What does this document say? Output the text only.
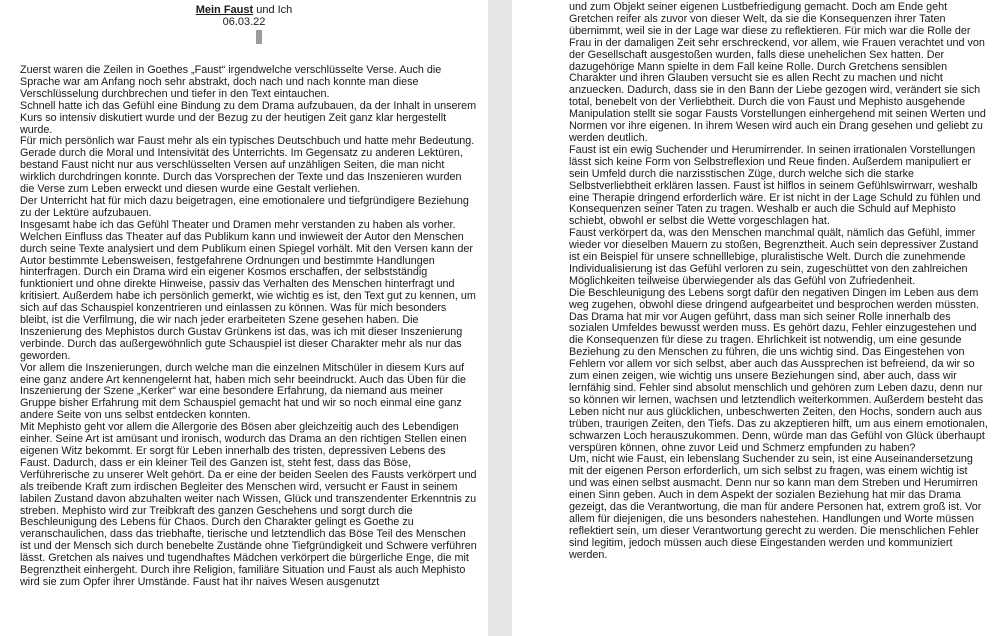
Mein Faust und Ich
06.03.22

Zuerst waren die Zeilen in Goethes „Faust“ irgendwelche verschlüsselte Verse. Auch die Sprache war am Anfang noch sehr abstrakt, doch nach und nach konnte man diese Verschlüsselung durchbrechen und tiefer in den Text eintauchen.

Schnell hatte ich das Gefühl eine Bindung zu dem Drama aufzubauen, da der Inhalt in unserem Kurs so intensiv diskutiert wurde und der Bezug zu der heutigen Zeit ganz klar hergestellt wurde.

Für mich persönlich war Faust mehr als ein typisches Deutschbuch und hatte mehr Bedeutung. Gerade durch die Moral und Intensivität des Unterrichts. Im Gegensatz zu anderen Lektüren, bestand Faust nicht nur aus verschlüsselten Versen auf unzähligen Seiten, die man nicht wirklich durchdringen konnte. Durch das Vorsprechen der Texte und das Inszenieren wurden die Verse zum Leben erweckt und diesen wurde eine Gestalt verliehen.

Der Unterricht hat für mich dazu beigetragen, eine emotionalere und tiefgründigere Beziehung zu der Lektüre aufzubauen.

Insgesamt habe ich das Gefühl Theater und Dramen mehr verstanden zu haben als vorher. Welchen Einfluss das Theater auf das Publikum kann und inwieweit der Autor den Menschen durch seine Texte analysiert und dem Publikum einen Spiegel vorhält. Mit den Versen kann der Autor bestimmte Lebensweisen, festgefahrene Ordnungen und bestimmte Handlungen hinterfragen. Durch ein Drama wird ein eigener Kosmos erschaffen, der selbstständig funktioniert und ohne direkte Hinweise, passiv das Verhalten des Menschen hinterfragt und kritisiert. Außerdem habe ich persönlich gemerkt, wie wichtig es ist, den Text gut zu kennen, um sich auf das Schauspiel konzentrieren und einlassen zu können. Was für mich besonders bleibt, ist die Verfilmung, die wir nach jeder erarbeiteten Szene gesehen haben. Die Inszenierung des Mephistos durch Gustav Grünkens ist das, was ich mit dieser Inszenierung verbinde. Durch das außergewöhnlich gute Schauspiel ist dieser Charakter mehr als nur das geworden.

Vor allem die Inszenierungen, durch welche man die einzelnen Mitschüler in diesem Kurs auf eine ganz andere Art kennengelernt hat, haben mich sehr beeindruckt. Auch das Üben für die Inszenierung der Szene „Kerker“ war eine besondere Erfahrung, da niemand aus meiner Gruppe bisher Erfahrung mit dem Schauspiel gemacht hat und wir so noch einmal eine ganz andere Seite von uns selbst entdecken konnten.

Mit Mephisto geht vor allem die Allergorie des Bösen aber gleichzeitig auch des Lebendigen einher. Seine Art ist amüsant und ironisch, wodurch das Drama an den richtigen Stellen einen eigenen Witz bekommt. Er sorgt für Leben innerhalb des tristen, depressiven Lebens des Faust. Dadurch, dass er ein kleiner Teil des Ganzen ist, steht fest, dass das Böse, Verführerische zu unserer Welt gehört. Da er eine der beiden Seelen des Fausts verkörpert und als treibende Kraft zum irdischen Begleiter des Menschen wird, versucht er Faust in seinem labilen Zustand davon abzuhalten weiter nach Wissen, Glück und transzendenter Erkenntnis zu streben. Mephisto wird zur Treibkraft des ganzen Geschehens und sorgt durch die Beschleunigung des Lebens für Chaos. Durch den Charakter gelingt es Goethe zu veranschaulichen, dass das triebhafte, tierische und letztendlich das Böse Teil des Menschen ist und der Mensch sich durch benebelte Zustände ohne Tiefgründigkeit und Schwere verführen lässt. Gretchen als naives und tugendhaftes Mädchen verkörpert die bürgerliche Enge, die mit Begrenztheit einhergeht. Durch ihre Religion, familiäre Situation und Faust als auch Mephisto wird sie zum Opfer ihrer Umstände. Faust hat ihr naives Wesen ausgenutzt

und zum Objekt seiner eigenen Lustbefriedigung gemacht. Doch am Ende geht Gretchen reifer als zuvor von dieser Welt, da sie die Konsequenzen ihrer Taten übernimmt, weil sie in der Lage war diese zu reflektieren. Für mich war die Rolle der Frau in der damaligen Zeit sehr erschreckend, vor allem, wie Frauen verachtet und von der Gesellschaft ausgestoßen wurden, falls diese unehelichen Sex hatten. Der dazugehörige Mann spielte in dem Fall keine Rolle. Durch Gretchens sensiblen Charakter und ihren Glauben versucht sie es allen Recht zu machen und nicht anzuecken. Dadurch, dass sie in den Bann der Liebe gezogen wird, verändert sie sich total, benebelt von der Verliebtheit. Durch die von Faust und Mephisto ausgehende Manipulation stellt sie sogar Fausts Vorstellungen einhergehend mit seinen Werten und Normen vor ihre eigenen. In ihrem Wesen wird auch ein Drang gesehen und geliebt zu werden deutlich.

Faust ist ein ewig Suchender und Herumirrender. In seinen irrationalen Vorstellungen lässt sich keine Form von Selbstreflexion und Reue finden. Außerdem manipuliert er sein Umfeld durch die narzisstischen Züge, durch welche sich die starke Selbstverliebtheit erklären lassen. Faust ist hilflos in seinem Gefühlswirrwarr, weshalb eine Therapie dringend erforderlich wäre. Er ist nicht in der Lage Schuld zu fühlen und Konsequenzen seiner Taten zu tragen. Weshalb er auch die Schuld auf Mephisto schiebt, obwohl er selbst die Wette vorgeschlagen hat.

Faust verkörpert da, was den Menschen manchmal quält, nämlich das Gefühl, immer wieder vor dieselben Mauern zu stoßen, Begrenztheit. Auch sein depressiver Zustand ist ein Beispiel für unsere schnelllebige, pluralistische Welt. Durch die zunehmende Individualisierung ist das Gefühl verloren zu sein, zugeschüttet von den zahlreichen Möglichkeiten teilweise überwiegender als das Gefühl von Zufriedenheit.

Die Beschleunigung des Lebens sorgt dafür den negativen Dingen im Leben aus dem weg zugehen, obwohl diese dringend aufgearbeitet und besprochen werden müssten.

Das Drama hat mir vor Augen geführt, dass man sich seiner Rolle innerhalb des sozialen Umfeldes bewusst werden muss. Es gehört dazu, Fehler einzugestehen und die Konsequenzen für diese zu tragen. Ehrlichkeit ist notwendig, um eine gesunde Beziehung zu den Menschen zu führen, die uns wichtig sind. Das Eingestehen von Fehlern vor allem vor sich selbst, aber auch das Aussprechen ist befreiend, da wir so zum einen zeigen, wie wichtig uns unsere Beziehungen sind, aber auch, dass wir lernfähig sind. Fehler sind absolut menschlich und gehören zum Leben dazu, denn nur so können wir lernen, wachsen und letztendlich weiterkommen. Außerdem besteht das Leben nicht nur aus glücklichen, unbeschwerten Zeiten, den Hochs, sondern auch aus trüben, traurigen Zeiten, den Tiefs. Das zu akzeptieren hilft, um aus einem emotionalen, schwarzen Loch herauszukommen. Denn, würde man das Gefühl von Glück überhaupt verspüren können, ohne zuvor Leid und Schmerz empfunden zu haben?

Um, nicht wie Faust, ein lebenslang Suchender zu sein, ist eine Auseinandersetzung mit der eigenen Person erforderlich, um sich selbst zu fragen, was einem wichtig ist und was einen selbst ausmacht. Denn nur so kann man dem Streben und Herumirren einen Sinn geben. Auch in dem Aspekt der sozialen Beziehung hat mir das Drama gezeigt, das die Verantwortung, die man für andere Personen hat, extrem groß ist. Vor allem für diejenigen, die uns besonders nahestehen. Handlungen und Worte müssen reflektiert sein, um dieser Verantwortung gerecht zu werden. Die menschlichen Fehler sind legitim, jedoch müssen auch diese Eingestanden werden und kommuniziert werden.
